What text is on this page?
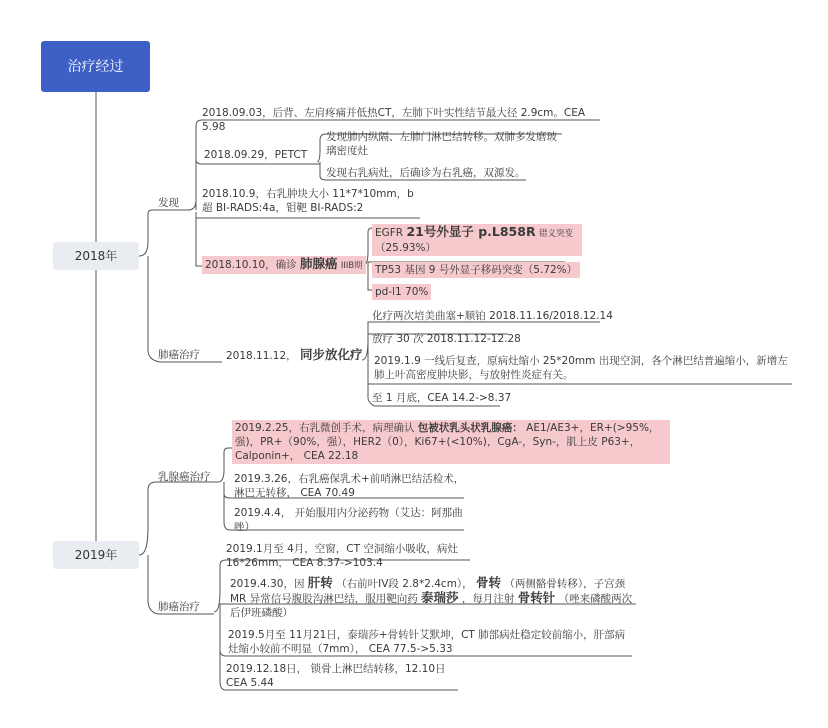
治疗经过
2018年
2019年
发现
肺癌治疗
乳腺癌治疗
肺癌治疗
2018.09.03，后背、左肩疼痛并低热CT，左肺下叶实性结节最大径 2.9cm。CEA 5.98
2018.09.29，PETCT
发现肺内纵隔、左肺门淋巴结转移。双肺多发磨玻璃密度灶
发现右乳病灶，后确诊为右乳癌，双源发。
2018.10.9，右乳肿块大小 11*7*10mm，b 超 BI-RADS:4a，钼靶 BI-RADS:2
2018.10.10，确诊 肺腺癌 IIIB期
EGFR 21号外显子 p.L858R 错义突变
（25.93%）
TP53 基因 9 号外显子移码突变（5.72%）
pd-l1 70%
2018.11.12， 同步放化疗
化疗两次培美曲塞+顺铂 2018.11.16/2018.12.14
放疗 30 次 2018.11.12-12.28
2019.1.9 一线后复查，原病灶缩小 25*20mm 出现空洞，各个淋巴结普遍缩小，新增左肺上叶高密度肿块影，与放射性炎症有关。
至 1 月底，CEA 14.2->8.37
2019.2.25，右乳微创手术，病理确认 包被状乳头状乳腺癌： AE1/AE3+，ER+(>95%，强)，PR+（90%，强），HER2（0），Ki67+(<10%)，CgA-，Syn-，肌上皮 P63+，Calponin+， CEA 22.18
2019.3.26，右乳癌保乳术+前哨淋巴结活检术，淋巴无转移， CEA 70.49
2019.4.4， 开始服用内分泌药物（艾达：阿那曲唑）
2019.1月至 4月，空窗，CT 空洞缩小吸收，病灶 16*26mm， CEA 8.37->103.4
2019.4.30，因 肝转 （右前叶IV段 2.8*2.4cm）， 骨转 （两侧骼骨转移），子宫颈 MR 异常信号腹股沟淋巴结，服用靶向药 泰瑞莎 ，每月注射 骨转针 （唑来磷酸两次后伊班磷酸）
2019.5月至 11月21日，泰瑞莎+骨转针艾默坤，CT 肺部病灶稳定较前缩小，肝部病灶缩小较前不明显（7mm）， CEA 77.5->5.33
2019.12.18日， 锁骨上淋巴结转移，12.10日 CEA 5.44
